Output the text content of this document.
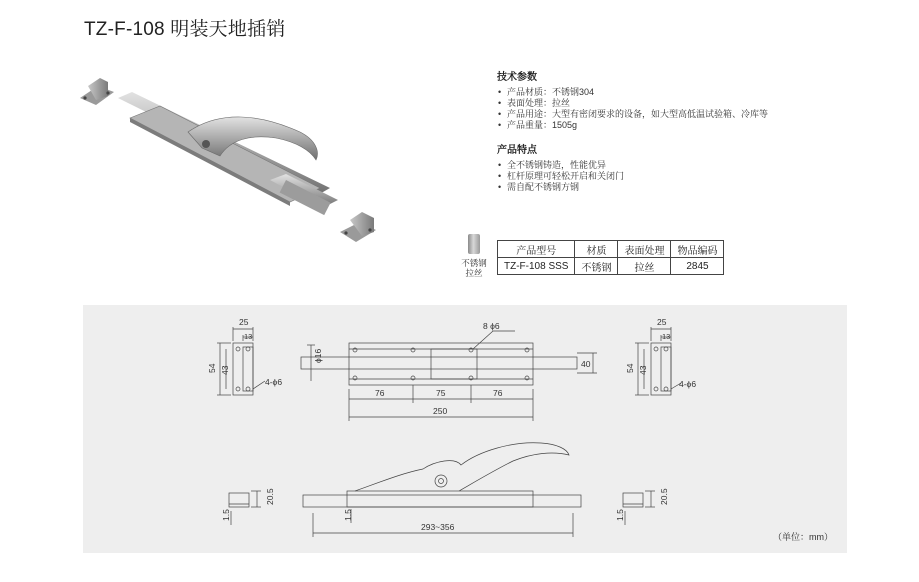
TZ-F-108 明装天地插销
技术参数
• 产品材质：不锈钢304
• 表面处理：拉丝
• 产品用途：大型有密闭要求的设备，如大型高低温试验箱、冷库等
• 产品重量：1505g
产品特点
• 全不锈钢铸造，性能优异
• 杠杆原理可轻松开启和关闭门
• 需自配不锈钢方钢
不锈钢
拉丝
产品型号	材质	表面处理	物品编码
TZ-F-108 SSS	不锈钢	拉丝	2845
25
13
54 43
4-ϕ6
ϕ16
8 ϕ6
76	75	76
250
40
25
13
54 43
4-ϕ6
20.5
1.5	1.5
293~356
20.5
1.5
（单位：mm）
